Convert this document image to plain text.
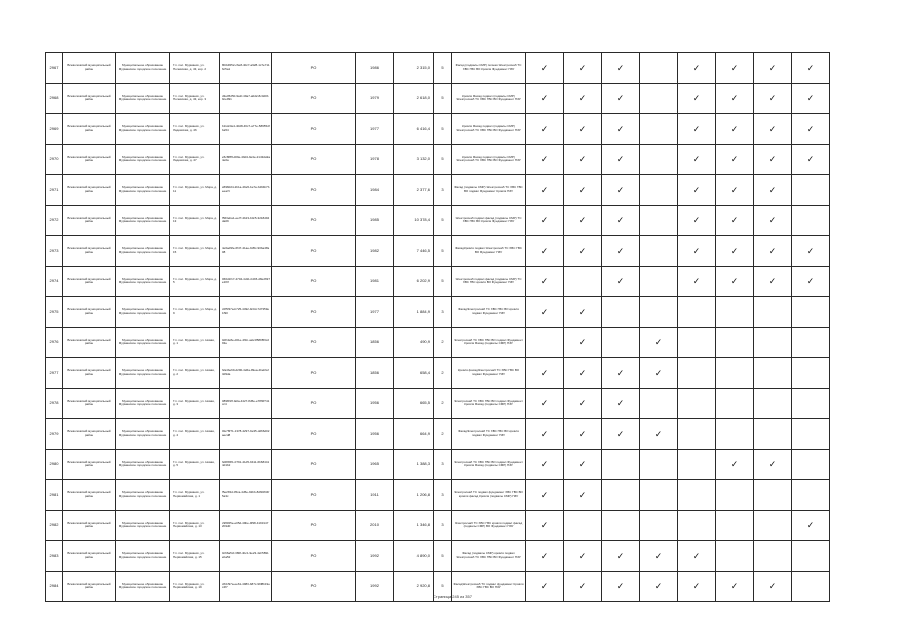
2967	Всеволожский муниципальный район	Муниципальное образование Мурманское городское поселение	Г.п. пос. Мурманск, ул. Полевская, д. 43, кор. 2	8b6df252-c6e8-40c7-a928-1c7e7116c5a1	РО	1986	2 315,0	5	Фасад (подвалы СМР) полная Электроснаб ТС ХВС ГВС ВО Кровля Фундамент ПЗУ	✓	✓	✓		✓	✓	✓	✓
2968	Всеволожский муниципальный район	Муниципальное образование Мурманское городское поселение	Г.п. пос. Мурманск, ул. Полевская, д. 43, кор. 3	d3e05250-9a1f-49a7-a0d2-8c0d0b9ce991	РО	1979	2 618,0	5	Кровля Фасад подвал (подвалы СМР) Электроснаб ТС ХВС ГВС ВО Фундамент ПЗУ	✓	✓	✓		✓	✓	✓	✓
2969	Всеволожский муниципальный район	Муниципальное образование Мурманское городское поселение	Г.п. пос. Мурманск, ул. Ладожская, д. 46	b11dc0e4-40d8-46c7-a77e-58955dfba54	РО	1977	6 416,4	5	Кровля Фасад подвал (подвалы СМР) Электроснаб ТС ХВС ГВС ВО Фундамент ПЗУ	✓	✓	✓		✓	✓	✓	✓
2970	Всеволожский муниципальный район	Муниципальное образование Мурманское городское поселение	Г.п. пос. Мурманск, ул. Ладожская, д. 47	e5c8f8ff-d09e-49d4-9e3e-2143da9a4e0a	РО	1978	3 132,0	5	Кровля Фасад подвал (подвалы СМР) Электроснаб ТС ХВС ГВС ВО Фундамент ПЗУ	✓	✓	✓		✓	✓	✓	✓
2971	Всеволожский муниципальный район	Муниципальное образование Мурманское городское поселение	Г.п. пос. Мурманск, ул. Мира, д. 11	a598d24-2b1a-49e5-be7a-b494b7beea7c	РО	1984	2 377,6	3	Фасад (подвалы СМР) Электроснаб ТС ХВС ГВС ВО подвал Фундамент Кровля ПЗУ	✓	✓	✓		✓	✓	✓	
2972	Всеволожский муниципальный район	Муниципальное образование Мурманское городское поселение	Г.п. пос. Мурманск, ул. Мира, д. 13	f563eba1-ee7f-4b23-b0c5-3218d94da09	РО	1985	10 378,4	5	Электроснаб подвал фасад (подвалы СМР) ТС ХВС ГВС ВО Кровля Фундамент ПЗУ	✓	✓	✓		✓	✓	✓	
2973	Всеволожский муниципальный район	Муниципальное образование Мурманское городское поселение	Г.п. пос. Мурманск, ул. Мира, д. 15	4e6ad9fe-6f47-41ae-9d5c-90ba4ffa08	РО	1982	7 446,5	5	ФасадКровля подвал Электроснаб ТС ХВС ГВС ВО Фундамент ПЗУ	✓	✓	✓		✓	✓	✓	✓
2974	Всеволожский муниципальный район	Муниципальное образование Мурманское городское поселение	Г.п. пос. Мурманск, ул. Мира, д. 5	066d1f17-4704-4d11-b4b5-d8e2697e1f0f	РО	1981	6 202,9	5	Электроснаб подвал фасад (подвалы СМР) ТС ХВС ГВС кровля ВО Фундамент ПЗУ	✓		✓		✓	✓	✓	✓
2975	Всеволожский муниципальный район	Муниципальное образование Мурманское городское поселение	Г.п. пос. Мурманск, ул. Мира, д. 9	c0f5f37a-b725-4492-9c0d-7d7359e1f90	РО	1977	1 884,9	3	ФасадЭлектроснаб ТС ХВС ГВС ВО кровля подвал Фундамент ПЗУ	✓	✓						
2976	Всеволожский муниципальный район	Муниципальное образование Мурманское городское поселение	Г.п. пос. Мурманск, ул. Новая, д. 1	0df1fe8e-d01e-4f1b-a2e3f589f56c293e	РО	1856	490,9	2	Электроснаб ТС ХВС ГВС ВО подвал Фундамент Кровля Фасад (подвалы СМР) ПЗУ		✓		✓				
2977	Всеволожский муниципальный район	Муниципальное образование Мурманское городское поселение	Г.п. пос. Мурманск, ул. Новая, д. 2	f2a4be69-d290-4a5a-99ea-4bebfaf3d9da	РО	1856	658,4	2	Кровля фасадЭлектроснаб ТС ХВС ГВС ВО подвал Фундамент ПЗУ	✓	✓	✓	✓				
2978	Всеволожский муниципальный район	Муниципальное образование Мурманское городское поселение	Г.п. пос. Мурманск, ул. Новая, д. 3	0898f1ff-fa0a-4427-8d5e-e78f9f741cc4	РО	1956	665,5	2	Электроснаб ТС ХВС ГВС ВО подвал Фундамент Кровля Фасад (подвалы СМР) ПЗУ	✓	✓	✓					
2979	Всеволожский муниципальный район	Муниципальное образование Мурманское городское поселение	Г.п. пос. Мурманск, ул. Новая, д. 4	0fe78f71-1378-4297-9e35-dd66d02aecd8	РО	1956	664,9	2	ФасадЭлектроснаб ТС ХВС ГВС ВО кровля подвал Фундамент ПЗУ	✓	✓	✓	✓				
2980	Всеволожский муниципальный район	Муниципальное образование Мурманское городское поселение	Г.п. пос. Мурманск, ул. Новая, д. 5	f2d8b5f1-0791-41d5-9411-6b684414d1b2	РО	1965	1 388,3	3	Электроснаб ТС ХВС ГВС ВО подвал Фундамент Кровля Фасад (подвалы СМР) ПЗУ	✓	✓				✓	✓	
2981	Всеволожский муниципальный район	Муниципальное образование Мурманское городское поселение	Г.п. пос. Мурманск, ул. Первомайская, д. 1	f5e2ff4d-05ca-4d5e-92bb-8d6b834f5a3c	РО	1911	1 206,8	3	Электроснаб ТС подвал фундамент ХВС ГВС ВО кровля фасад Кровля (подвалы СМР) ПЗУ	✓	✓						
2982	Всеволожский муниципальный район	Муниципальное образование Мурманское городское поселение	Г.п. пос. Мурманск, ул. Первомайская, д. 13	c9f9f25e-e05d-49be-9f98-41931472b9d0	РО	2010	1 346,8	3	Электроснаб ТС ХВС ГВС кровля подвал фасад (подвалы СМР) ВО Фундамент ПЗУ	✓							✓
2983	Всеволожский муниципальный район	Муниципальное образование Мурманское городское поселение	Г.п. пос. Мурманск, ул. Первомайская, д. 15	0c66a5cf-380f-4bc1-9e23-42c5891eba52	РО	1992	4 890,0	5	Фасад (подвалы СМР) кровля подвал Электроснаб ТС ХВС ГВС ВО Фундамент ПЗУ	✓	✓	✓	✓	✓			
2984	Всеволожский муниципальный район	Муниципальное образование Мурманское городское поселение	Г.п. пос. Мурманск, ул. Первомайская, д. 19	cfb1f97a-ee61-4983-b87c-99f8b19ec4f7	РО	1992	2 920,8	5	ФасадЭлектроснаб ТС подвал фундамент Кровля ХВС ГВС ВО ПЗУ	✓	✓	✓	✓	✓	✓	✓	
Страница 245 из 357
